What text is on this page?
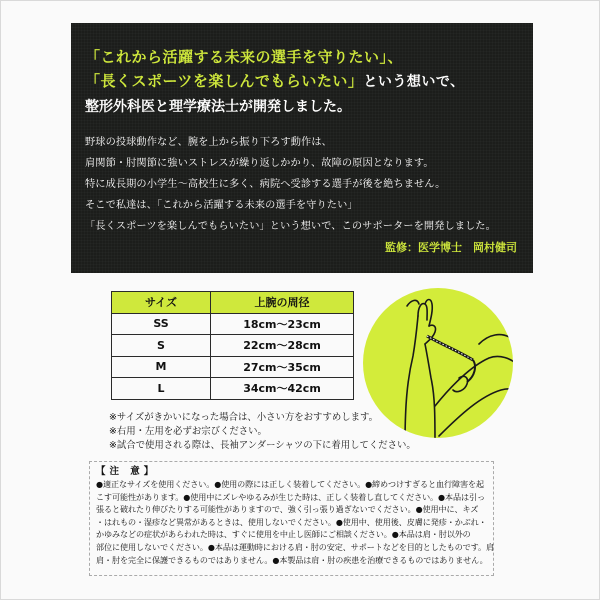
「これから活躍する未来の選手を守りたい」、
「長くスポーツを楽しんでもらいたい」という想いで、
整形外科医と理学療法士が開発しました。
野球の投球動作など、腕を上から振り下ろす動作は、
肩関節・肘関節に強いストレスが繰り返しかかり、故障の原因となります。
特に成長期の小学生〜高校生に多く、病院へ受診する選手が後を絶ちません。
そこで私達は、「これから活躍する未来の選手を守りたい」
「長くスポーツを楽しんでもらいたい」という想いで、このサポーターを開発しました。
監修：医学博士　岡村健司
サイズ	上腕の周径
SS	18cm〜23cm
S	22cm〜28cm
M	27cm〜35cm
L	34cm〜42cm
※サイズがきかいになった場合は、小さい方をおすすめします。
※右用・左用を必ずお宗びください。
※試合で使用される際は、長袖アンダーシャツの下に着用してください。
【注 意】
●適正なサイズを使用ください。●使用の際には正しく装着してください。●締めつけすぎると血行障害を起
こす可能性があります。●使用中にズレやゆるみが生じた時は、正しく装着し直してください。●本品は引っ
張ると破れたり伸びたりする可能性がありますので、強く引っ張り過ぎないでください。●使用中に、キズ
・はれもの・湿疹など異常があるときは、使用しないでください。●使用中、使用後、皮膚に発疹・かぶれ・
かゆみなどの症状があらわれた時は、すぐに使用を中止し医師にご相談ください。●本品は肩・肘以外の
部位に使用しないでください。●本品は運動時における肩・肘の安定、サポートなどを目的としたものです。肩
肩・肘を完全に保護できるものではありません。●本製品は肩・肘の疾患を治療できるものではありません。
